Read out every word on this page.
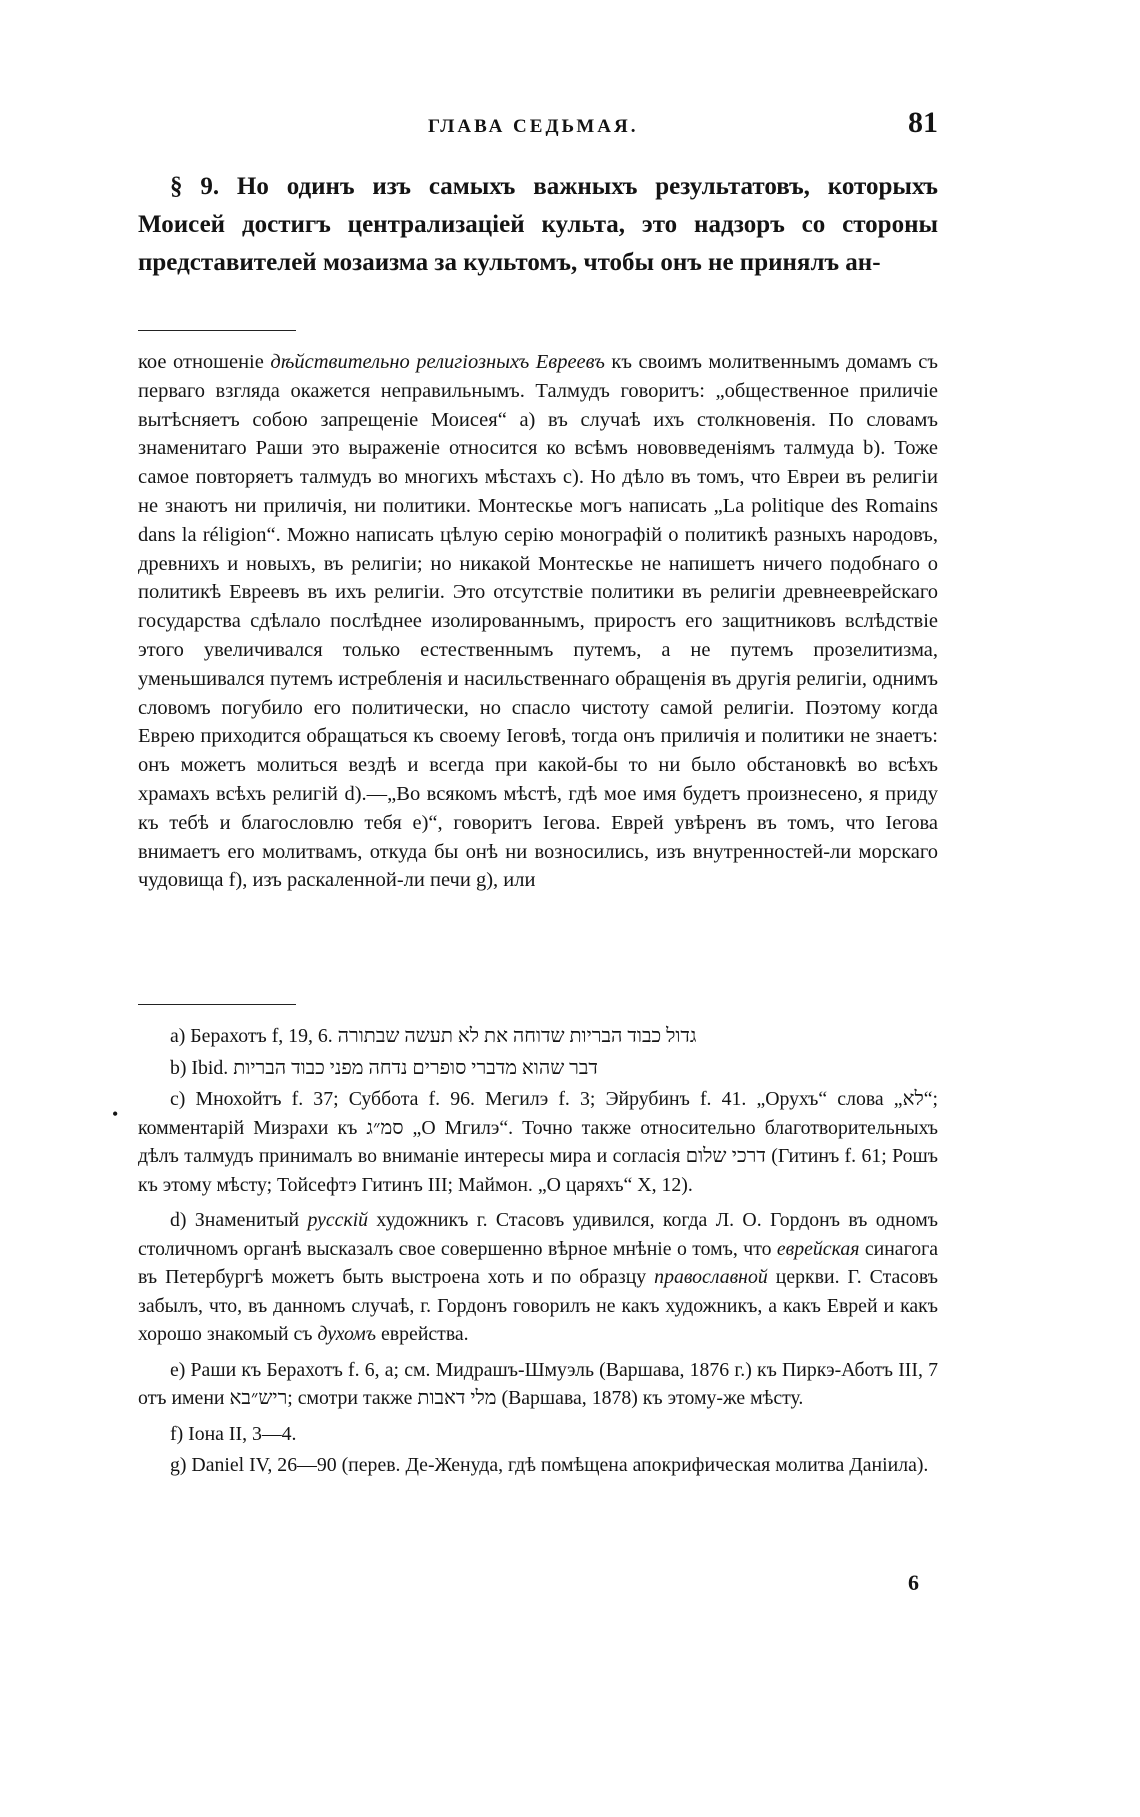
ГЛАВА СЕДЬМАЯ.	81

§ 9. Но одинъ изъ самыхъ важныхъ результатовъ, которыхъ Моисей достигъ централизацiей культа, это надзоръ со стороны представителей мозаизма за культомъ, чтобы онъ не принялъ ан-

кое отношенiе дѣйствительно религiозныхъ Евреевъ къ своимъ молитвеннымъ домамъ съ перваго взгляда окажется неправильнымъ. Талмудъ говоритъ: „общественное приличiе вытѣсняетъ собою запрещенiе Моисея“ a) въ случаѣ ихъ столкновенiя. По словамъ знаменитаго Раши это выраженiе относится ко всѣмъ нововведенiямъ талмуда b). Тоже самое повторяетъ талмудъ во многихъ мѣстахъ c). Но дѣло въ томъ, что Евреи въ религiи не знаютъ ни приличiя, ни политики. Монтескье могъ написать „La politique des Romains dans la rélіgion“. Можно написать цѣлую серiю монографiй о политикѣ разныхъ народовъ, древнихъ и новыхъ, въ религiи; но никакой Монтескье не напишетъ ничего подобнаго о политикѣ Евреевъ въ ихъ религiи. Это отсутствiе политики въ религiи древнееврейскаго государства сдѣлало послѣднее изолированнымъ, приростъ его защитниковъ вслѣдствiе этого увеличивался только естественнымъ путемъ, а не путемъ прозелитизма, уменьшивался путемъ истребленiя и насильственнаго обращенiя въ другiя религiи, однимъ словомъ погубило его политически, но спасло чистоту самой религiи. Поэтому когда Еврею приходится обращаться къ своему Iеговѣ, тогда онъ приличiя и политики не знаетъ: онъ можетъ молиться вездѣ и всегда при какой-бы то ни было обстановкѣ во всѣхъ храмахъ всѣхъ религiй d).—„Во всякомъ мѣстѣ, гдѣ мое имя будетъ произнесено, я приду къ тебѣ и благословлю тебя e)“, говоритъ Iегова. Еврей увѣренъ въ томъ, что Iегова внимаетъ его молитвамъ, откуда бы онѣ ни возносились, изъ внутренностей-ли морскаго чудовища f), изъ раскаленной-ли печи g), или

a) Берахотъ f, 19, 6. גדול כבוד הבריות שדוחה את לא תעשה שבתורה

b) Ibid. דבר שהוא מדברי סופרים נדחה מפני כבוד הבריות

c) Мнохойтъ f. 37; Суббота f. 96. Мегилэ f. 3; Эйрубинъ f. 41. „Орухъ“ слова „לא“; комментарiй Мизрахи къ סמ״ג „О Мгилэ“. Точно также относительно благотворительныхъ дѣлъ талмудъ принималъ во вниманiе интересы мира и согласiя דרכי שלום (Гитинъ f. 61; Рошъ къ этому мѣсту; Тойсефтэ Гитинъ III; Маймон. „О царяхъ“ X, 12).

d) Знаменитый русскiй художникъ г. Стасовъ удивился, когда Л. О. Гордонъ въ одномъ столичномъ органѣ высказалъ свое совершенно вѣрное мнѣнiе о томъ, что еврейская синагога въ Петербургѣ можетъ быть выстроена хоть и по образцу православной церкви. Г. Стасовъ забылъ, что, въ данномъ случаѣ, г. Гордонъ говорилъ не какъ художникъ, а какъ Еврей и какъ хорошо знакомый съ духомъ еврейства.

e) Раши къ Берахотъ f. 6, a; см. Мидрашъ-Шмуэль (Варшава, 1876 г.) къ Пиркэ-Аботъ III, 7 отъ имени ריש״בא; смотри также מלי דאבות (Варшава, 1878) къ этому-же мѣсту.

f) Iона II, 3—4.

g) Daniel IV, 26—90 (перев. Де-Женуда, гдѣ помѣщена апокрифическая молитва Данiила).

•
6
